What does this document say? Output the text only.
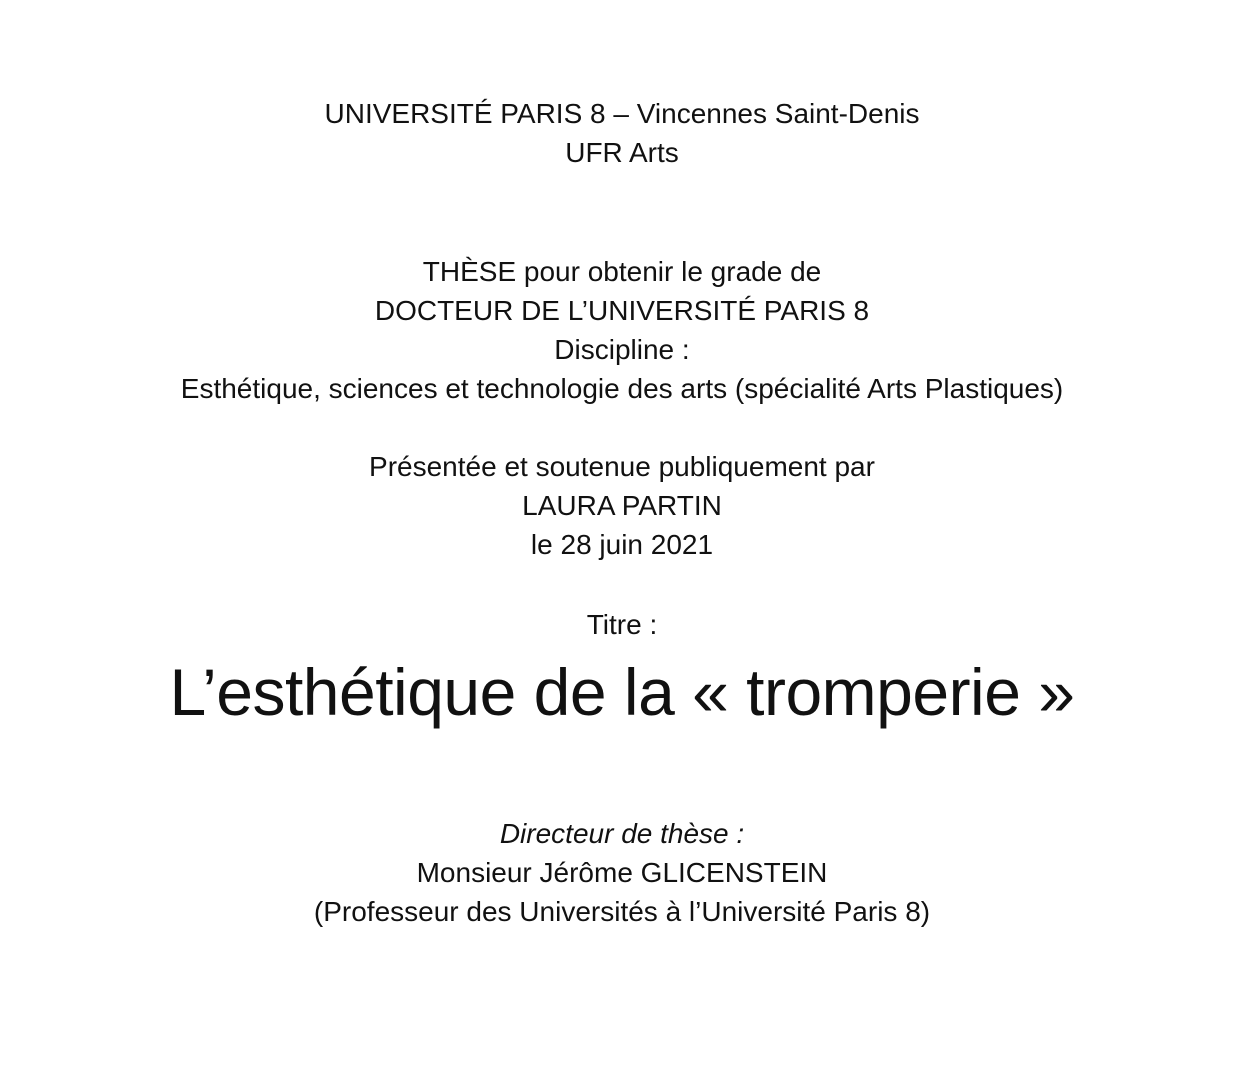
UNIVERSITÉ PARIS 8 – Vincennes Saint-Denis
UFR Arts
THÈSE pour obtenir le grade de
DOCTEUR DE L’UNIVERSITÉ PARIS 8
Discipline :
Esthétique, sciences et technologie des arts (spécialité Arts Plastiques)
Présentée et soutenue publiquement par
LAURA PARTIN
le 28 juin 2021
Titre :
L’esthétique de la « tromperie »
Directeur de thèse :
Monsieur Jérôme GLICENSTEIN
(Professeur des Universités à l’Université Paris 8)
